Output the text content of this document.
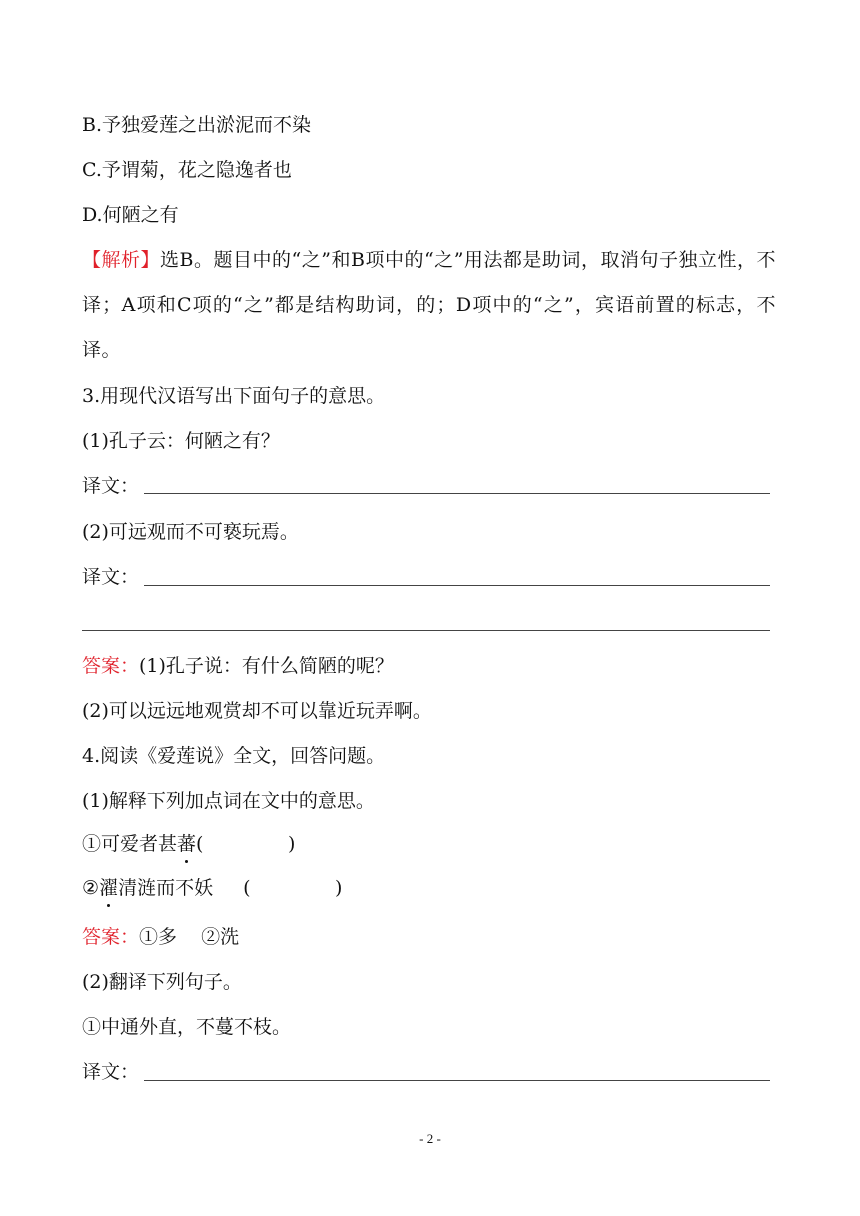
B.予独爱莲之出淤泥而不染
C.予谓菊，花之隐逸者也
D.何陋之有
【解析】选B。题目中的“之”和B项中的“之”用法都是助词，取消句子独立性，不译；A项和C项的“之”都是结构助词，的；D项中的“之”，宾语前置的标志，不译。
3.用现代汉语写出下面句子的意思。
(1)孔子云：何陋之有？
译文：
(2)可远观而不可亵玩焉。
译文：
答案：(1)孔子说：有什么简陋的呢？
(2)可以远远地观赏却不可以靠近玩弄啊。
4.阅读《爱莲说》全文，回答问题。
(1)解释下列加点词在文中的意思。
①可爱者甚蕃(              )
②濯清涟而不妖 (              )
答案：①多    ②洗
(2)翻译下列句子。
①中通外直，不蔓不枝。
译文：
- 2 -
